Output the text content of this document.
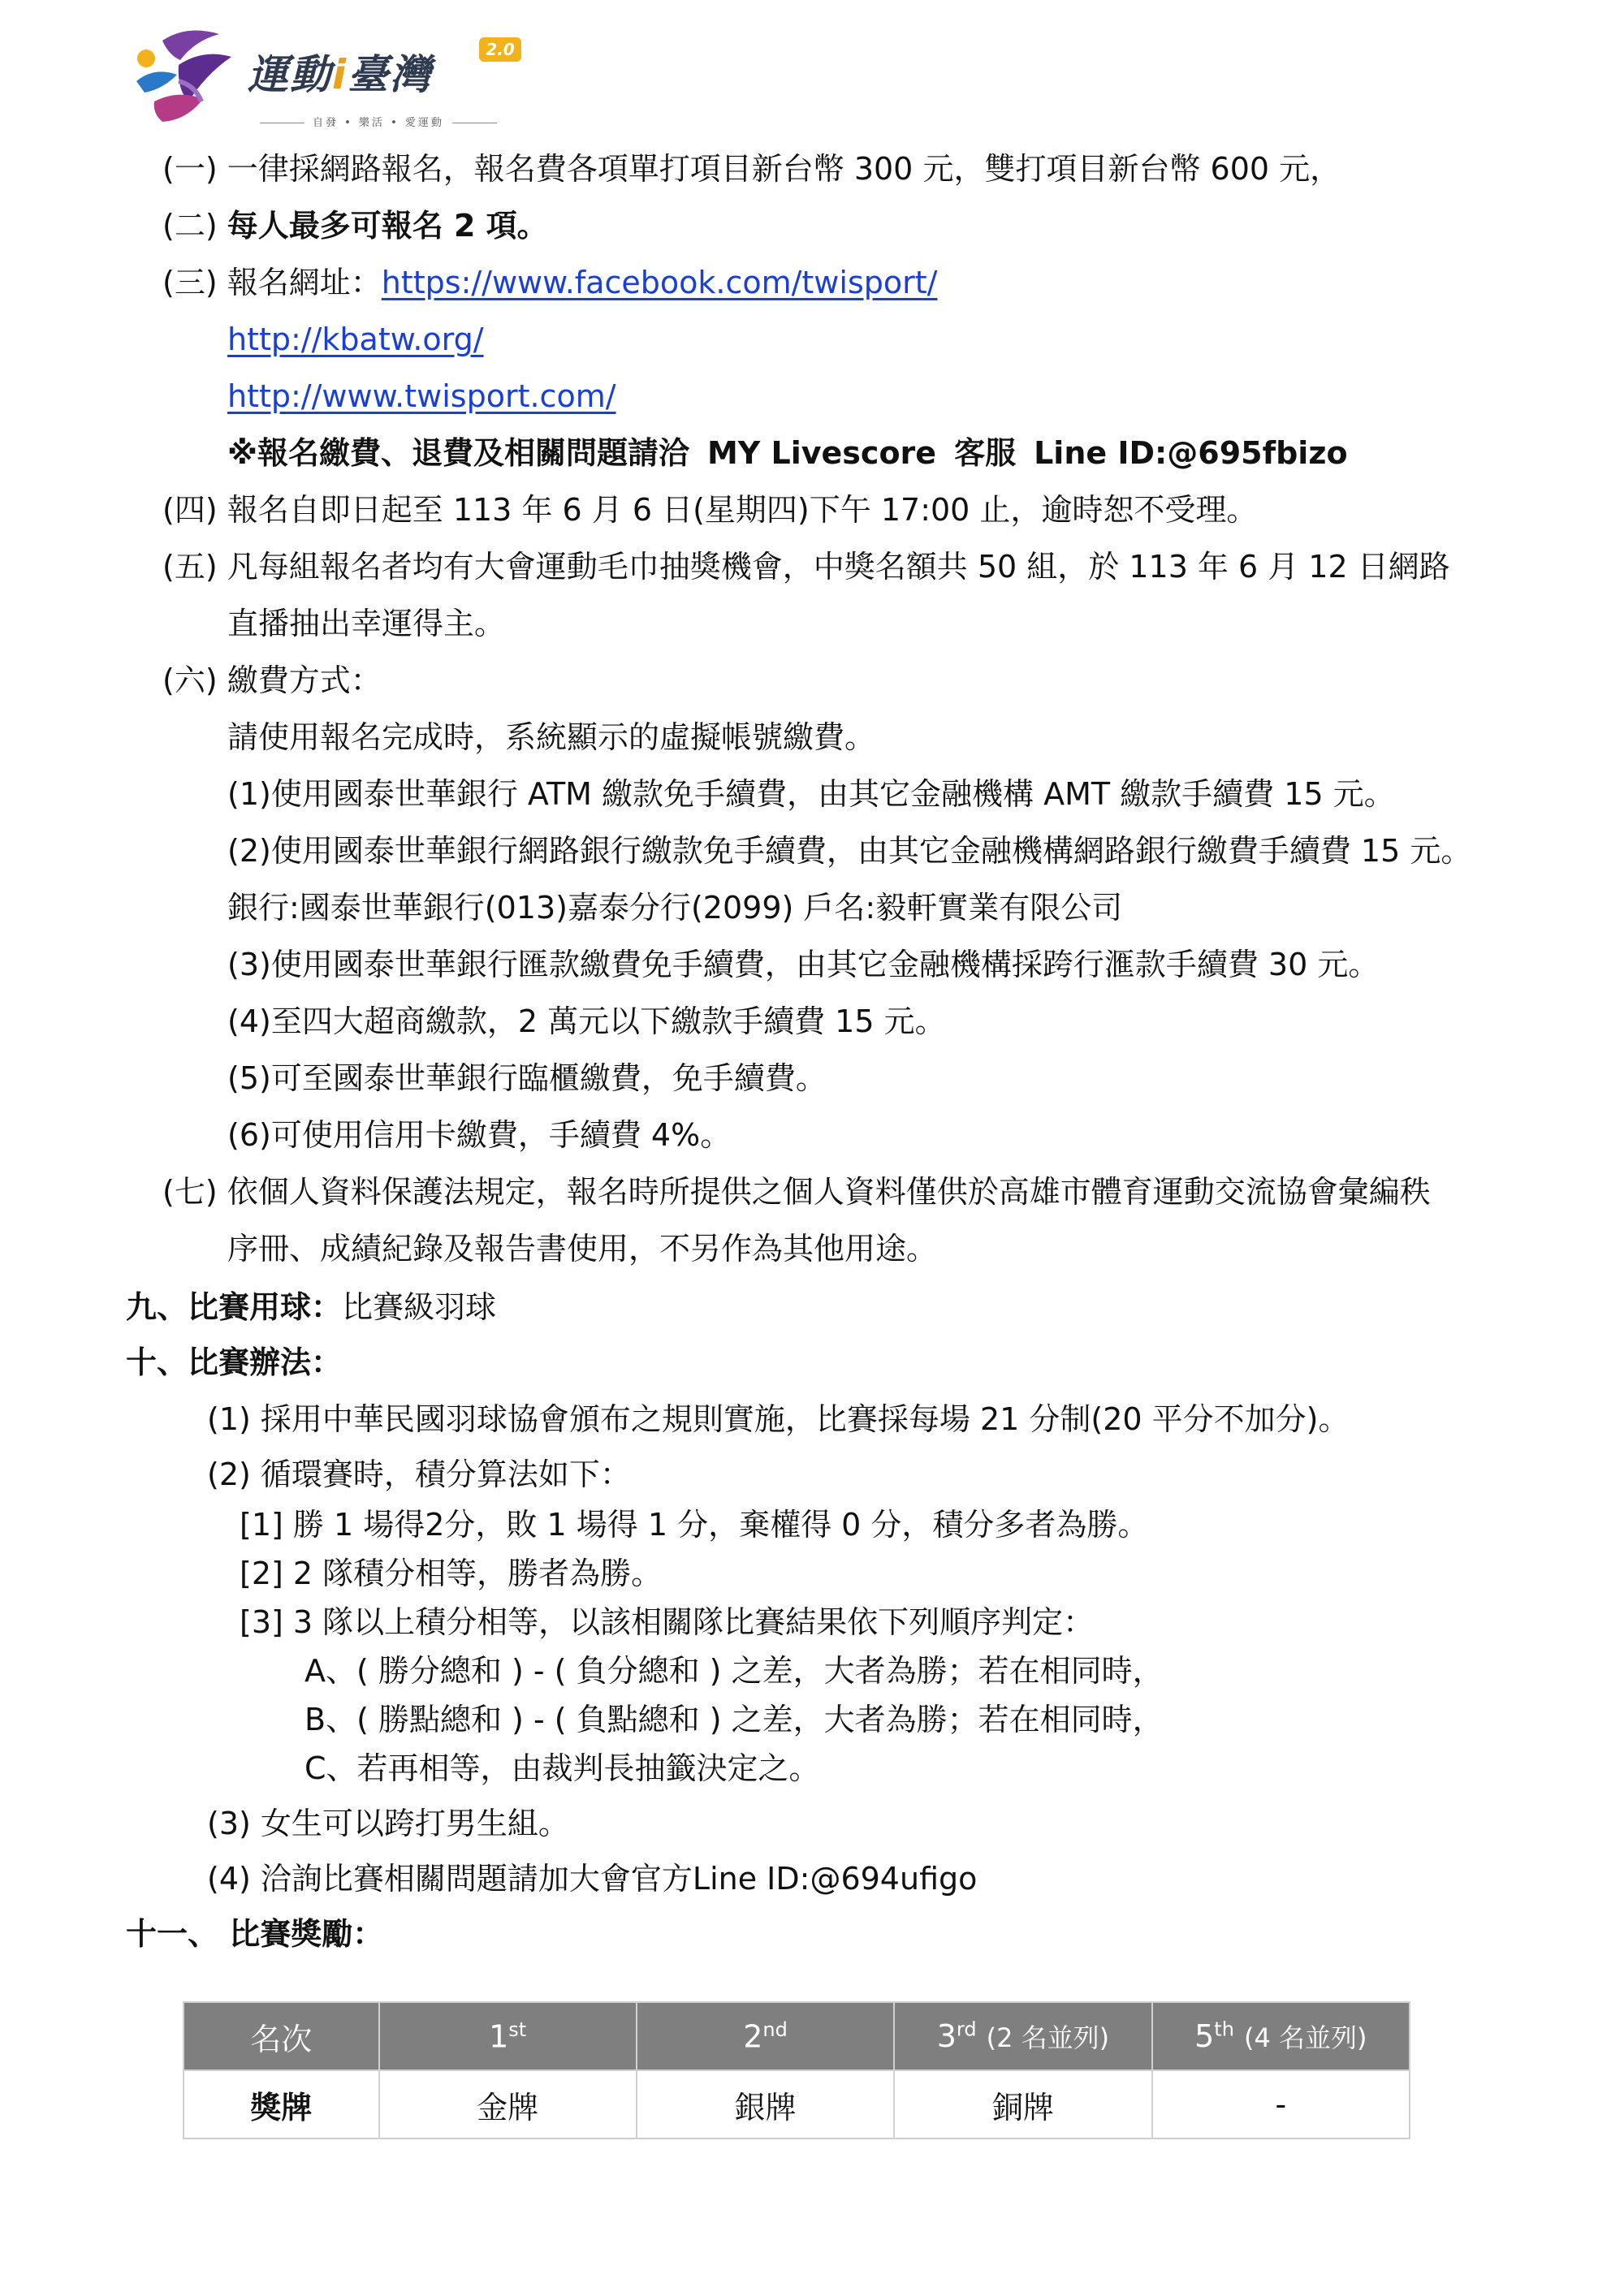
運動i臺灣
2.0
自發 • 樂活 • 愛運動
(一) 一律採網路報名，報名費各項單打項目新台幣 300 元，雙打項目新台幣 600 元，
(二) 每人最多可報名 2 項。
(三) 報名網址：https://www.facebook.com/twisport/
http://kbatw.org/
http://www.twisport.com/
※報名繳費、退費及相關問題請洽 MY Livescore 客服 Line ID:@695fbizo
(四) 報名自即日起至 113 年 6 月 6 日(星期四)下午 17:00 止，逾時恕不受理。
(五) 凡每組報名者均有大會運動毛巾抽獎機會，中獎名額共 50 組，於 113 年 6 月 12 日網路
直播抽出幸運得主。
(六) 繳費方式：
請使用報名完成時，系統顯示的虛擬帳號繳費。
(1)使用國泰世華銀行 ATM 繳款免手續費，由其它金融機構 AMT 繳款手續費 15 元。
(2)使用國泰世華銀行網路銀行繳款免手續費，由其它金融機構網路銀行繳費手續費 15 元。
銀行:國泰世華銀行(013)嘉泰分行(2099) 戶名:毅軒實業有限公司
(3)使用國泰世華銀行匯款繳費免手續費，由其它金融機構採跨行滙款手續費 30 元。
(4)至四大超商繳款，2 萬元以下繳款手續費 15 元。
(5)可至國泰世華銀行臨櫃繳費，免手續費。
(6)可使用信用卡繳費，手續費 4%。
(七) 依個人資料保護法規定，報名時所提供之個人資料僅供於高雄市體育運動交流協會彙編秩
序冊、成績紀錄及報告書使用，不另作為其他用途。
九、比賽用球：比賽級羽球
十、比賽辦法：
(1) 採用中華民國羽球協會頒布之規則實施，比賽採每場 21 分制(20 平分不加分)。
(2) 循環賽時，積分算法如下：
[1] 勝 1 場得2分，敗 1 場得 1 分，棄權得 0 分，積分多者為勝。
[2] 2 隊積分相等，勝者為勝。
[3] 3 隊以上積分相等，以該相關隊比賽結果依下列順序判定：
A、( 勝分總和 ) - ( 負分總和 ) 之差，大者為勝；若在相同時，
B、( 勝點總和 ) - ( 負點總和 ) 之差，大者為勝；若在相同時，
C、若再相等，由裁判長抽籤決定之。
(3) 女生可以跨打男生組。
(4) 洽詢比賽相關問題請加大會官方Line ID:@694ufigo
十一、 比賽獎勵：
名次	1st	2nd	3rd (2 名並列)	5th (4 名並列)
獎牌	金牌	銀牌	銅牌	-
